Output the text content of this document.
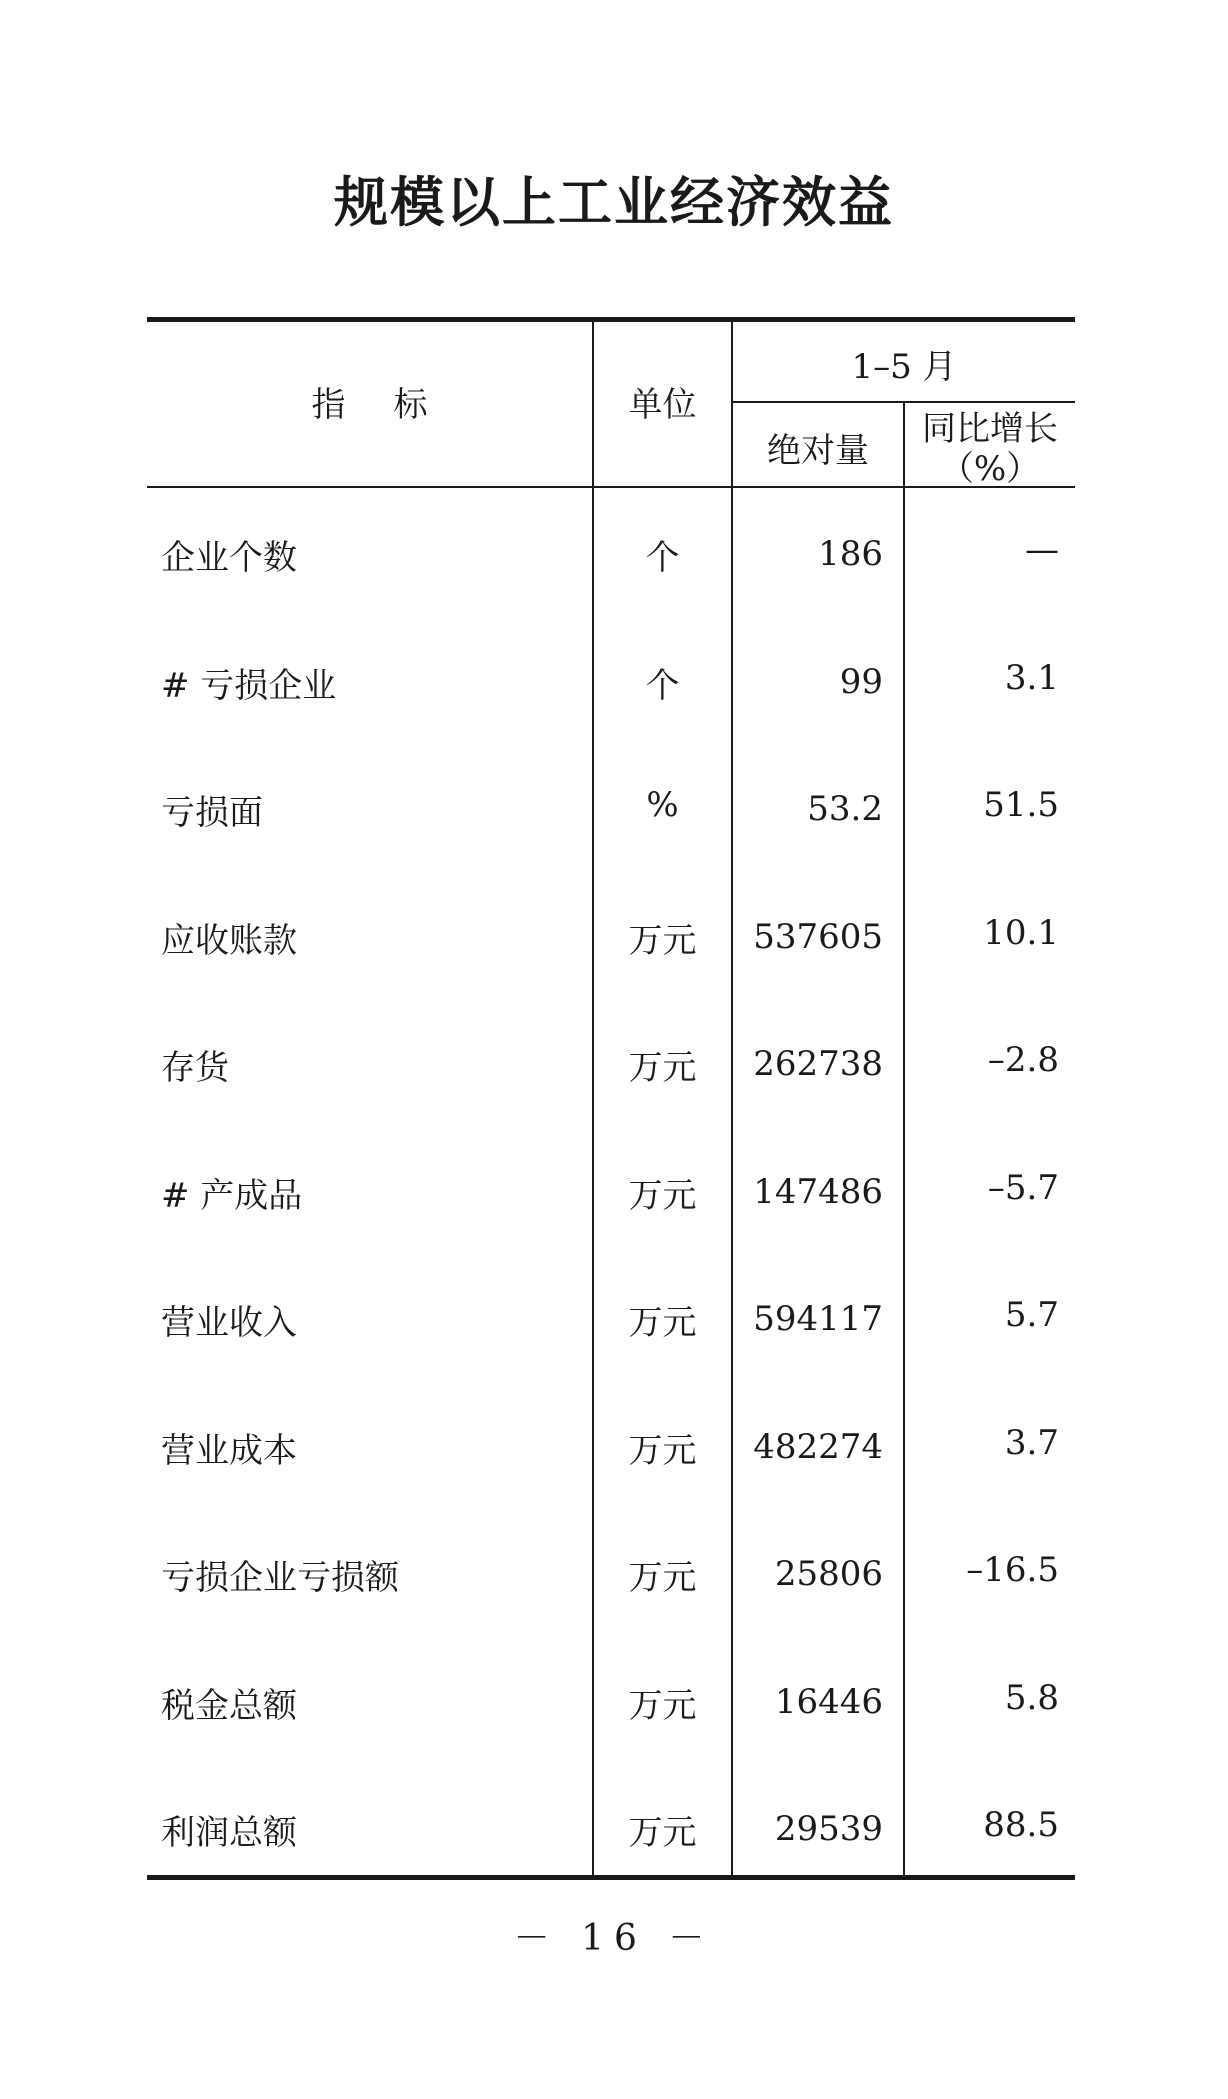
规模以上工业经济效益
指标	单位
1–5 月
绝对量
同比增长
（%）
企业个数	个	186	—
# 亏损企业	个	99	3.1
亏损面	%	53.2	51.5
应收账款	万元	537605	10.1
存货	万元	262738	–2.8
# 产成品	万元	147486	–5.7
营业收入	万元	594117	5.7
营业成本	万元	482274	3.7
亏损企业亏损额	万元	25806	–16.5
税金总额	万元	16446	5.8
利润总额	万元	29539	88.5
－ 16 －
